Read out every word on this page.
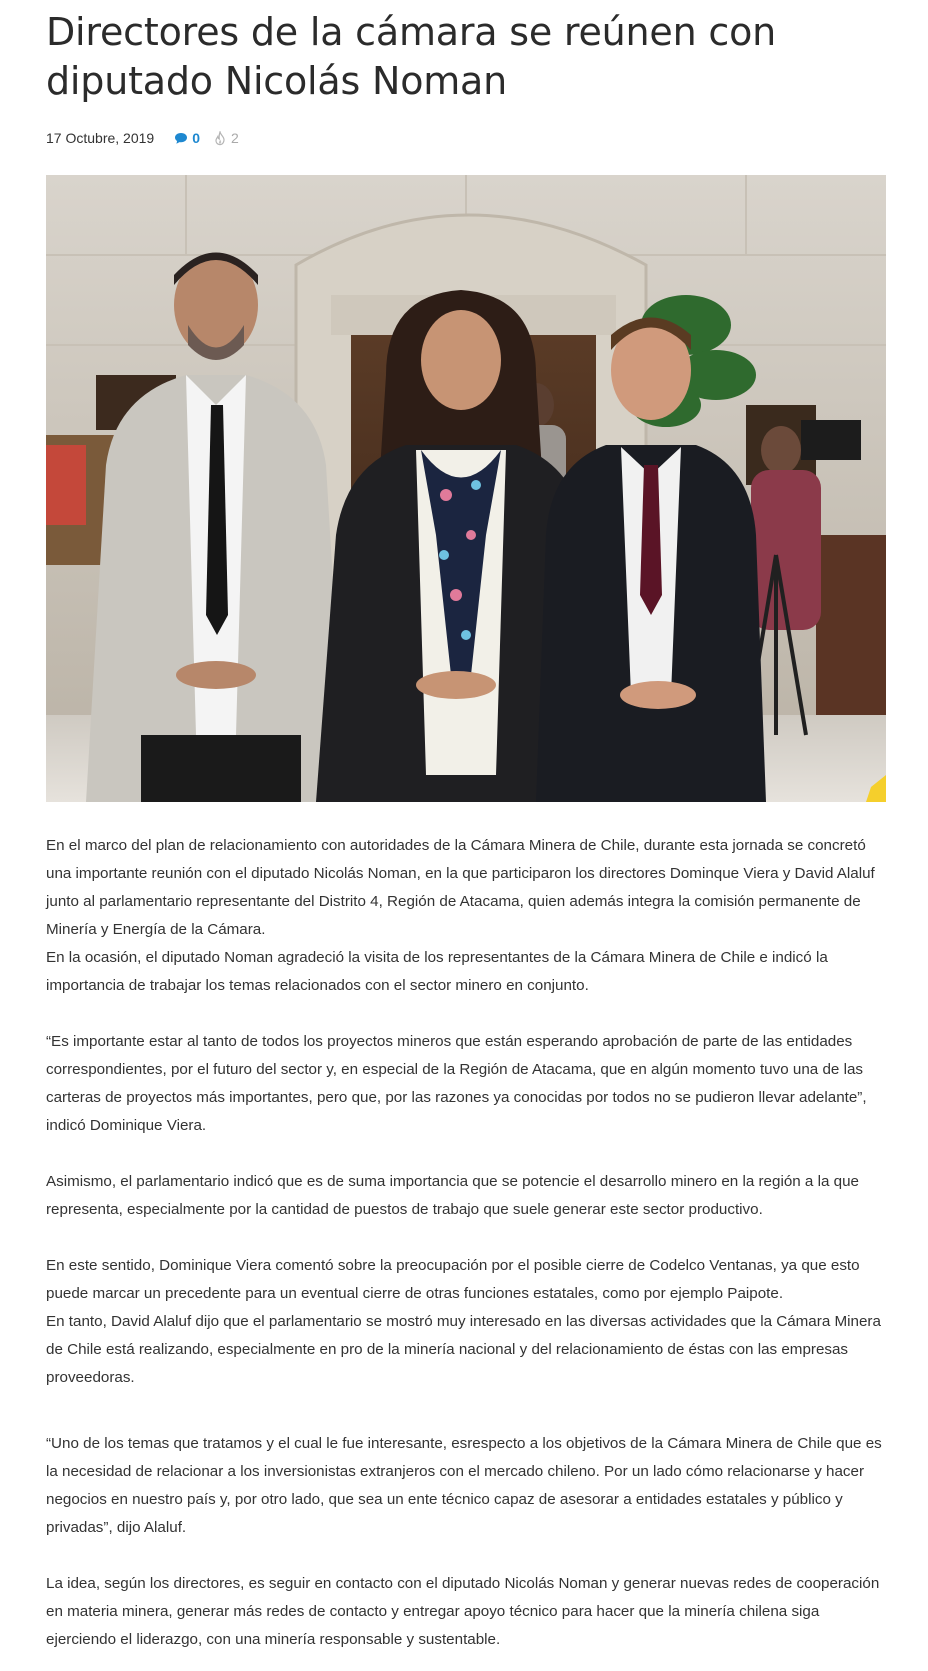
Directores de la cámara se reúnen con diputado Nicolás Noman
17 Octubre, 2019	0 2

En el marco del plan de relacionamiento con autoridades de la Cámara Minera de Chile, durante esta jornada se concretó una importante reunión con el diputado Nicolás Noman, en la que participaron los directores Dominque Viera y David Alaluf junto al parlamentario representante del Distrito 4, Región de Atacama, quien además integra la comisión permanente de Minería y Energía de la Cámara.

En la ocasión, el diputado Noman agradeció la visita de los representantes de la Cámara Minera de Chile e indicó la importancia de trabajar los temas relacionados con el sector minero en conjunto.

“Es importante estar al tanto de todos los proyectos mineros que están esperando aprobación de parte de las entidades correspondientes, por el futuro del sector y, en especial de la Región de Atacama, que en algún momento tuvo una de las carteras de proyectos más importantes, pero que, por las razones ya conocidas por todos no se pudieron llevar adelante”, indicó Dominique Viera.

Asimismo, el parlamentario indicó que es de suma importancia que se potencie el desarrollo minero en la región a la que representa, especialmente por la cantidad de puestos de trabajo que suele generar este sector productivo.

En este sentido, Dominique Viera comentó sobre la preocupación por el posible cierre de Codelco Ventanas, ya que esto puede marcar un precedente para un eventual cierre de otras funciones estatales, como por ejemplo Paipote.

En tanto, David Alaluf dijo que el parlamentario se mostró muy interesado en las diversas actividades que la Cámara Minera de Chile está realizando, especialmente en pro de la minería nacional y del relacionamiento de éstas con las empresas proveedoras.

“Uno de los temas que tratamos y el cual le fue interesante, esrespecto a los objetivos de la Cámara Minera de Chile que es la necesidad de relacionar a los inversionistas extranjeros con el mercado chileno. Por un lado cómo relacionarse y hacer negocios en nuestro país y, por otro lado, que sea un ente técnico capaz de asesorar a entidades estatales y público y privadas”, dijo Alaluf.

La idea, según los directores, es seguir en contacto con el diputado Nicolás Noman y generar nuevas redes de cooperación en materia minera, generar más redes de contacto y entregar apoyo técnico para hacer que la minería chilena siga ejerciendo el liderazgo, con una minería responsable y sustentable.
